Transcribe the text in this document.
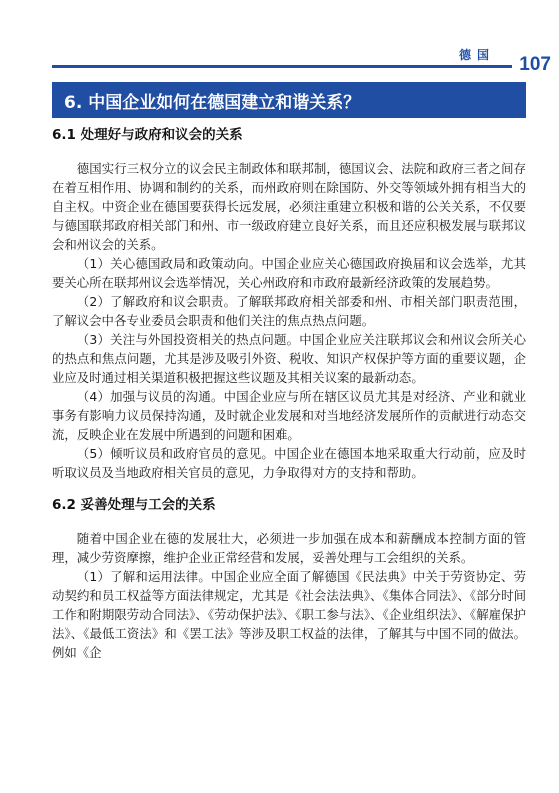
德国 107
6. 中国企业如何在德国建立和谐关系？
6.1 处理好与政府和议会的关系

德国实行三权分立的议会民主制政体和联邦制，德国议会、法院和政府三者之间存在着互相作用、协调和制约的关系，而州政府则在除国防、外交等领域外拥有相当大的自主权。中资企业在德国要获得长远发展，必须注重建立积极和谐的公关关系，不仅要与德国联邦政府相关部门和州、市一级政府建立良好关系，而且还应积极发展与联邦议会和州议会的关系。

（1）关心德国政局和政策动向。中国企业应关心德国政府换届和议会选举，尤其要关心所在联邦州议会选举情况，关心州政府和市政府最新经济政策的发展趋势。

（2）了解政府和议会职责。了解联邦政府相关部委和州、市相关部门职责范围，了解议会中各专业委员会职责和他们关注的焦点热点问题。

（3）关注与外国投资相关的热点问题。中国企业应关注联邦议会和州议会所关心的热点和焦点问题，尤其是涉及吸引外资、税收、知识产权保护等方面的重要议题，企业应及时通过相关渠道积极把握这些议题及其相关议案的最新动态。

（4）加强与议员的沟通。中国企业应与所在辖区议员尤其是对经济、产业和就业事务有影响力议员保持沟通，及时就企业发展和对当地经济发展所作的贡献进行动态交流，反映企业在发展中所遇到的问题和困难。

（5）倾听议员和政府官员的意见。中国企业在德国本地采取重大行动前，应及时听取议员及当地政府相关官员的意见，力争取得对方的支持和帮助。

6.2 妥善处理与工会的关系

随着中国企业在德的发展壮大，必须进一步加强在成本和薪酬成本控制方面的管理，减少劳资摩擦，维护企业正常经营和发展，妥善处理与工会组织的关系。

（1）了解和运用法律。中国企业应全面了解德国《民法典》中关于劳资协定、劳动契约和员工权益等方面法律规定，尤其是《社会法法典》、《集体合同法》、《部分时间工作和附期限劳动合同法》、《劳动保护法》、《职工参与法》、《企业组织法》、《解雇保护法》、《最低工资法》和《罢工法》等涉及职工权益的法律，了解其与中国不同的做法。例如《企
